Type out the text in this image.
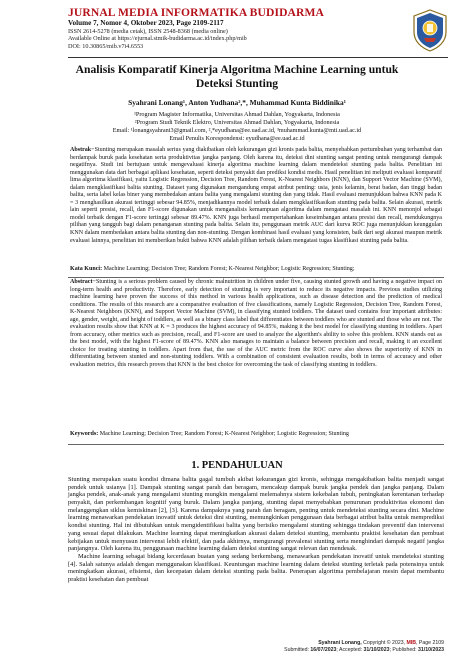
JURNAL MEDIA INFORMATIKA BUDIDARMA
Volume 7, Nomor 4, Oktober 2023, Page 2109-2117
ISSN 2614-5278 (media cetak), ISSN 2548-8368 (media online)
Available Online at https://ejurnal.stmik-budidarma.ac.id/index.php/mib
DOI: 10.30865/mib.v7i4.6553
Analisis Komparatif Kinerja Algoritma Machine Learning untuk
Deteksi Stunting
Syahrani Lonang¹, Anton Yudhana²,*, Muhammad Kunta Biddinika¹
¹Program Magister Informatika, Universitas Ahmad Dahlan, Yogyakarta, Indonesia
²Program Studi Teknik Elektro, Universitas Ahmad Dahlan, Yogyakarta, Indonesia
Email: ¹lonangsyahrani3@gmail.com, ²,*eyudhana@ee.uad.ac.id, ³muhammad.kunta@mti.uad.ac.id
Email Penulis Korespondensi: eyudhana@ee.uad.ac.id
Abstrak−Stunting merupakan masalah serius yang diakibatkan oleh kekurangan gizi kronis pada balita, menyebabkan pertumbuhan yang terhambat dan berdampak buruk pada kesehatan serta produktivitas jangka panjang. Oleh karena itu, deteksi dini stunting sangat penting untuk mengurangi dampak negatifnya. Studi ini bertujuan untuk mengevaluasi kinerja algoritma machine learning dalam mendeteksi stunting pada balita. Penelitian ini menggunakan data dari berbagai aplikasi kesehatan, seperti deteksi penyakit dan prediksi kondisi medis. Hasil penelitian ini meliputi evaluasi komparatif lima algoritma klasifikasi, yaitu Logistic Regression, Decision Tree, Random Forest, K-Nearest Neighbors (KNN), dan Support Vector Machine (SVM), dalam mengklasifikasi balita stunting. Dataset yang digunakan mengandung empat atribut penting: usia, jenis kelamin, berat badan, dan tinggi badan balita, serta label kelas biner yang membedakan antara balita yang mengalami stunting dan yang tidak. Hasil evaluasi menunjukkan bahwa KNN pada K = 3 menghasilkan akurasi tertinggi sebesar 94.85%, menjadikannya model terbaik dalam mengklasifikasikan stunting pada balita. Selain akurasi, metrik lain seperti presisi, recall, dan F1-score digunakan untuk menganalisis kemampuan algoritma dalam mengatasi masalah ini. KNN menonjol sebagai model terbaik dengan F1-score tertinggi sebesar 89.47%. KNN juga berhasil mempertahankan keseimbangan antara presisi dan recall, mendukungnya pilihan yang tangguh bagi dalam penanganan stunting pada balita. Selain itu, penggunaan metrik AUC dari kurva ROC juga menunjukkan keunggulan KNN dalam membedakan antara balita stunting dan non-stunting. Dengan kombinasi hasil evaluasi yang konsisten, baik dari segi akurasi maupun metrik evaluasi lainnya, penelitian ini memberikan bukti bahwa KNN adalah pilihan terbaik dalam mengatasi tugas klasifikasi stunting pada balita.
Kata Kunci: Machine Learning; Decision Tree; Random Forest; K-Nearest Neighbor; Logistic Regression; Stunting;
Abstract−Stunting is a serious problem caused by chronic malnutrition in children under five, causing stunted growth and having a negative impact on long-term health and productivity. Therefore, early detection of stunting is very important to reduce its negative impacts. Previous studies utilizing machine learning have proven the success of this method in various health applications, such as disease detection and the prediction of medical conditions. The results of this research are a comparative evaluation of five classifications, namely Logistic Regression, Decision Tree, Random Forest, K-Nearest Neighbors (KNN), and Support Vector Machine (SVM), in classifying stunted toddlers. The dataset used contains four important attributes: age, gender, weight, and height of toddlers, as well as a binary class label that differentiates between toddlers who are stunted and those who are not. The evaluation results show that KNN at K = 3 produces the highest accuracy of 94.85%, making it the best model for classifying stunting in toddlers. Apart from accuracy, other metrics such as precision, recall, and F1-score are used to analyze the algorithm's ability to solve this problem. KNN stands out as the best model, with the highest F1-score of 89.47%. KNN also manages to maintain a balance between precision and recall, making it an excellent choice for treating stunting in toddlers. Apart from that, the use of the AUC metric from the ROC curve also shows the superiority of KNN in differentiating between stunted and non-stunting toddlers. With a combination of consistent evaluation results, both in terms of accuracy and other evaluation metrics, this research proves that KNN is the best choice for overcoming the task of classifying stunting in toddlers.
Keywords: Machine Learning; Decision Tree; Random Forest; K-Nearest Neighbor; Logistic Regression; Stunting
1. PENDAHULUAN

Stunting merupakan suatu kondisi dimana balita gagal tumbuh akibat kekurangan gizi kronis, sehingga mengakibatkan balita menjadi sangat pendek untuk usianya [1]. Dampak stunting sangat parah dan beragam, mencakup dampak buruk jangka pendek dan jangka panjang. Dalam jangka pendek, anak-anak yang mengalami stunting mungkin mengalami melemahnya sistem kekebalan tubuh, peningkatan kerentanan terhadap penyakit, dan perkembangan kognitif yang buruk. Dalam jangka panjang, stunting dapat menyebabkan penurunan produktivitas ekonomi dan melanggengkan siklus kemiskinan [2], [3]. Karena dampaknya yang parah dan beragam, penting untuk mendeteksi stunting secara dini. Machine learning menawarkan pendekatan inovatif untuk deteksi dini stunting, memungkinkan penggunaan data berbagai atribut balita untuk memprediksi kondisi stunting. Hal ini dibutuhkan untuk mengidentifikasi balita yang berisiko mengalami stunting sehingga tindakan preventif dan intervensi yang sesuai dapat dilakukan. Machine learning dapat meningkatkan akurasi dalam deteksi stunting, membantu praktisi kesehatan dan pembuat kebijakan untuk menyusun intervensi lebih efektif, dan pada akhirnya, mengurangi prevalensi stunting serta menghindari dampak negatif jangka panjangnya. Oleh karena itu, penggunaan machine learning dalam deteksi stunting sangat relevan dan mendesak.

Machine learning sebagai bidang kecerdasan buatan yang sedang berkembang, menawarkan pendekatan inovatif untuk mendeteksi stunting [4]. Salah satunya adalah dengan menggunakan klasifikasi. Keuntungan machine learning dalam deteksi stunting terletak pada potensinya untuk meningkatkan akurasi, efisiensi, dan kecepatan dalam deteksi stunting pada balita. Penerapan algoritma pembelajaran mesin dapat membantu praktisi kesehatan dan pembuat

Syahrani Lonang, Copyright © 2023, MIB, Page 2109
Submitted: 16/07/2023; Accepted: 31/10/2023; Published: 31/10/2023
